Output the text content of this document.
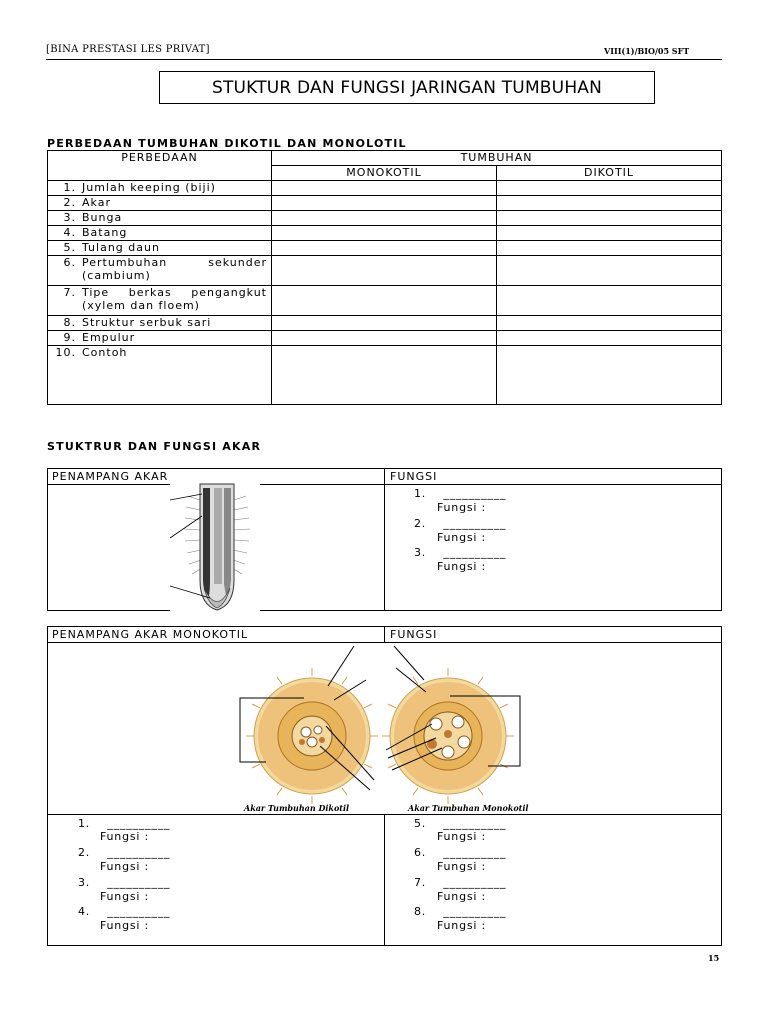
[BINA PRESTASI LES PRIVAT]	VIII(1)/BIO/05 SFT
STUKTUR DAN FUNGSI JARINGAN TUMBUHAN
PERBEDAAN TUMBUHAN DIKOTIL DAN MONOLOTIL
PERBEDAAN	TUMBUHAN	
	MONOKOTIL	DIKOTIL

1. Jumlah keeping (biji)		

2. Akar		

3. Bunga		

4. Batang		

5. Tulang daun		

6. Pertumbuhan sekunder (cambium)		

7. Tipe berkas pengangkut (xylem dan floem)		

8. Struktur serbuk sari		

9. Empulur		

10. Contoh		

STUKTRUR DAN FUNGSI AKAR
PENAMPANG AKAR	FUNGSI
1. __________
Fungsi :
2. __________
Fungsi :
3. __________
Fungsi :
PENAMPANG AKAR MONOKOTIL	FUNGSI
Akar Tumbuhan Dikotil	Akar Tumbuhan Monokotil
1. __________
Fungsi :
2. __________
Fungsi :
3. __________
Fungsi :
4. __________
Fungsi :
5. __________
Fungsi :
6. __________
Fungsi :
7. __________
Fungsi :
8. __________
Fungsi :
15
